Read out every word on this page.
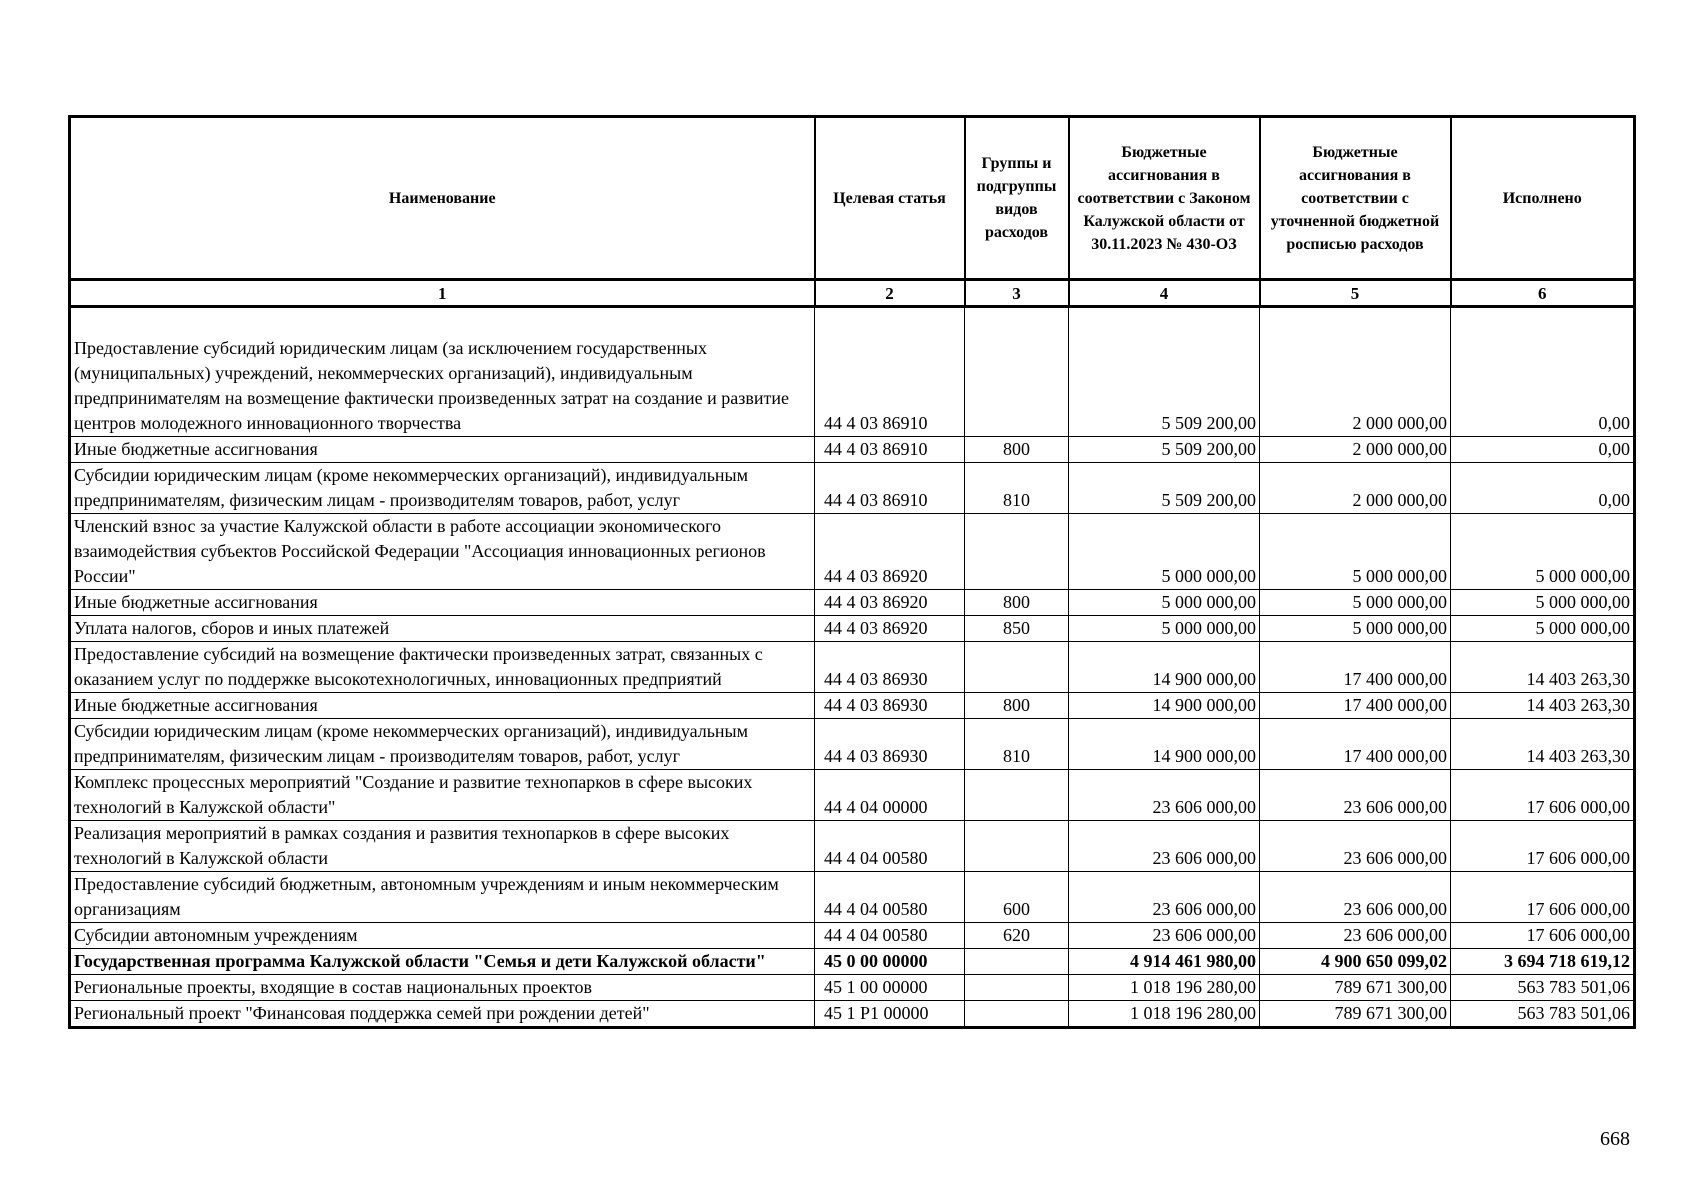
Наименование	Целевая статья	Группы и подгруппы видов расходов	Бюджетные ассигнования в соответствии с Законом Калужской области от 30.11.2023 № 430-ОЗ	Бюджетные ассигнования в соответствии с уточненной бюджетной росписью расходов	Исполнено
1	2	3	4	5	6

Предоставление субсидий юридическим лицам (за исключением государственных (муниципальных) учреждений, некоммерческих организаций), индивидуальным предпринимателям на возмещение фактически произведенных затрат на создание и развитие центров молодежного инновационного творчества	44 4 03 86910		5 509 200,00	2 000 000,00	0,00
Иные бюджетные ассигнования	44 4 03 86910	800	5 509 200,00	2 000 000,00	0,00
Субсидии юридическим лицам (кроме некоммерческих организаций), индивидуальным предпринимателям, физическим лицам - производителям товаров, работ, услуг	44 4 03 86910	810	5 509 200,00	2 000 000,00	0,00
Членский взнос за участие Калужской области в работе ассоциации экономического взаимодействия субъектов Российской Федерации "Ассоциация инновационных регионов России"	44 4 03 86920		5 000 000,00	5 000 000,00	5 000 000,00
Иные бюджетные ассигнования	44 4 03 86920	800	5 000 000,00	5 000 000,00	5 000 000,00
Уплата налогов, сборов и иных платежей	44 4 03 86920	850	5 000 000,00	5 000 000,00	5 000 000,00
Предоставление субсидий на возмещение фактически произведенных затрат, связанных с оказанием услуг по поддержке высокотехнологичных, инновационных предприятий	44 4 03 86930		14 900 000,00	17 400 000,00	14 403 263,30
Иные бюджетные ассигнования	44 4 03 86930	800	14 900 000,00	17 400 000,00	14 403 263,30
Субсидии юридическим лицам (кроме некоммерческих организаций), индивидуальным предпринимателям, физическим лицам - производителям товаров, работ, услуг	44 4 03 86930	810	14 900 000,00	17 400 000,00	14 403 263,30
Комплекс процессных мероприятий "Создание и развитие технопарков в сфере высоких технологий в Калужской области"	44 4 04 00000		23 606 000,00	23 606 000,00	17 606 000,00
Реализация мероприятий в рамках создания и развития технопарков в сфере высоких технологий в Калужской области	44 4 04 00580		23 606 000,00	23 606 000,00	17 606 000,00
Предоставление субсидий бюджетным, автономным учреждениям и иным некоммерческим организациям	44 4 04 00580	600	23 606 000,00	23 606 000,00	17 606 000,00
Субсидии автономным учреждениям	44 4 04 00580	620	23 606 000,00	23 606 000,00	17 606 000,00
Государственная программа Калужской области "Семья и дети Калужской области"	45 0 00 00000		4 914 461 980,00	4 900 650 099,02	3 694 718 619,12
Региональные проекты, входящие в состав национальных проектов	45 1 00 00000		1 018 196 280,00	789 671 300,00	563 783 501,06
Региональный проект "Финансовая поддержка семей при рождении детей"	45 1 P1 00000		1 018 196 280,00	789 671 300,00	563 783 501,06
668
